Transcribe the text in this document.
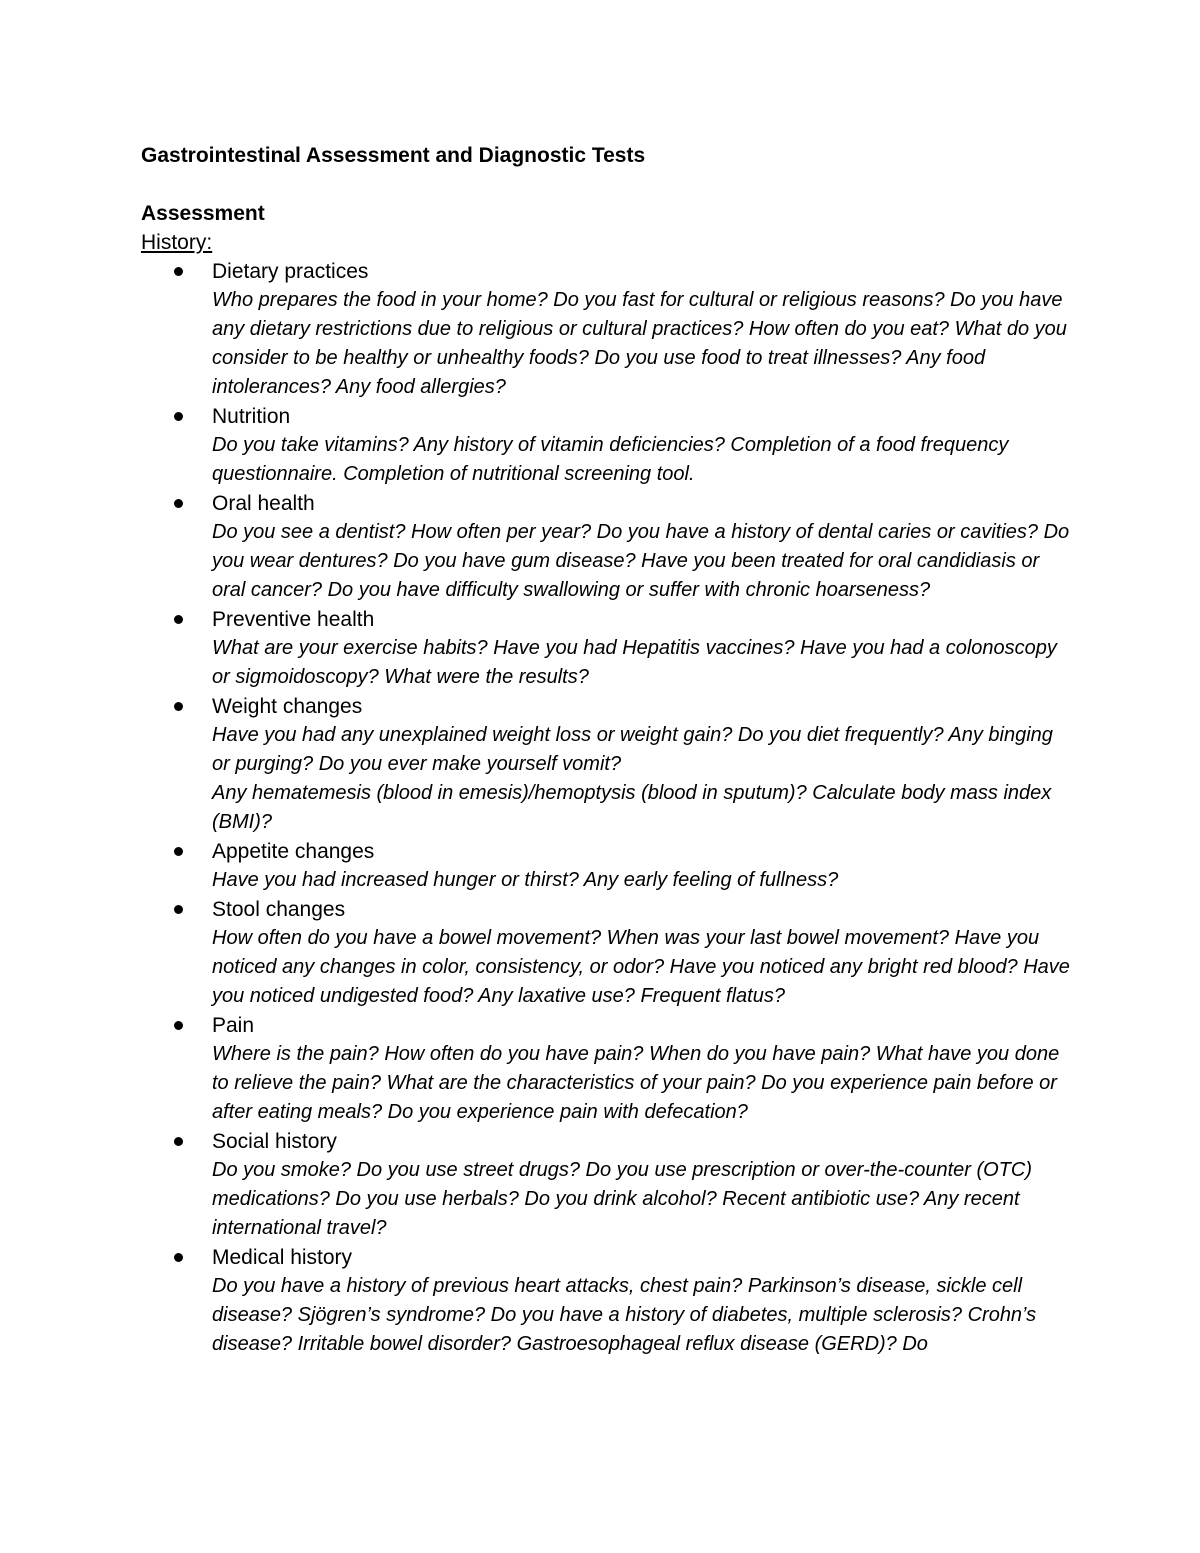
Gastrointestinal Assessment and Diagnostic Tests
Assessment
History:
Dietary practices
Who prepares the food in your home? Do you fast for cultural or religious reasons? Do you have any dietary restrictions due to religious or cultural practices? How often do you eat? What do you consider to be healthy or unhealthy foods? Do you use food to treat illnesses? Any food intolerances? Any food allergies?
Nutrition
Do you take vitamins? Any history of vitamin deficiencies? Completion of a food frequency questionnaire. Completion of nutritional screening tool.
Oral health
Do you see a dentist? How often per year? Do you have a history of dental caries or cavities? Do you wear dentures? Do you have gum disease? Have you been treated for oral candidiasis or oral cancer? Do you have difficulty swallowing or suffer with chronic hoarseness?
Preventive health
What are your exercise habits? Have you had Hepatitis vaccines? Have you had a colonoscopy or sigmoidoscopy? What were the results?
Weight changes
Have you had any unexplained weight loss or weight gain? Do you diet frequently? Any binging or purging? Do you ever make yourself vomit?
Any hematemesis (blood in emesis)/hemoptysis (blood in sputum)? Calculate body mass index (BMI)?
Appetite changes
Have you had increased hunger or thirst? Any early feeling of fullness?
Stool changes
How often do you have a bowel movement? When was your last bowel movement? Have you noticed any changes in color, consistency, or odor? Have you noticed any bright red blood? Have you noticed undigested food? Any laxative use? Frequent flatus?
Pain
Where is the pain? How often do you have pain? When do you have pain? What have you done to relieve the pain? What are the characteristics of your pain? Do you experience pain before or after eating meals? Do you experience pain with defecation?
Social history
Do you smoke? Do you use street drugs? Do you use prescription or over-the-counter (OTC) medications? Do you use herbals? Do you drink alcohol? Recent antibiotic use? Any recent international travel?
Medical history
Do you have a history of previous heart attacks, chest pain? Parkinson’s disease, sickle cell disease? Sjögren’s syndrome? Do you have a history of diabetes, multiple sclerosis? Crohn’s disease? Irritable bowel disorder? Gastroesophageal reflux disease (GERD)? Do
